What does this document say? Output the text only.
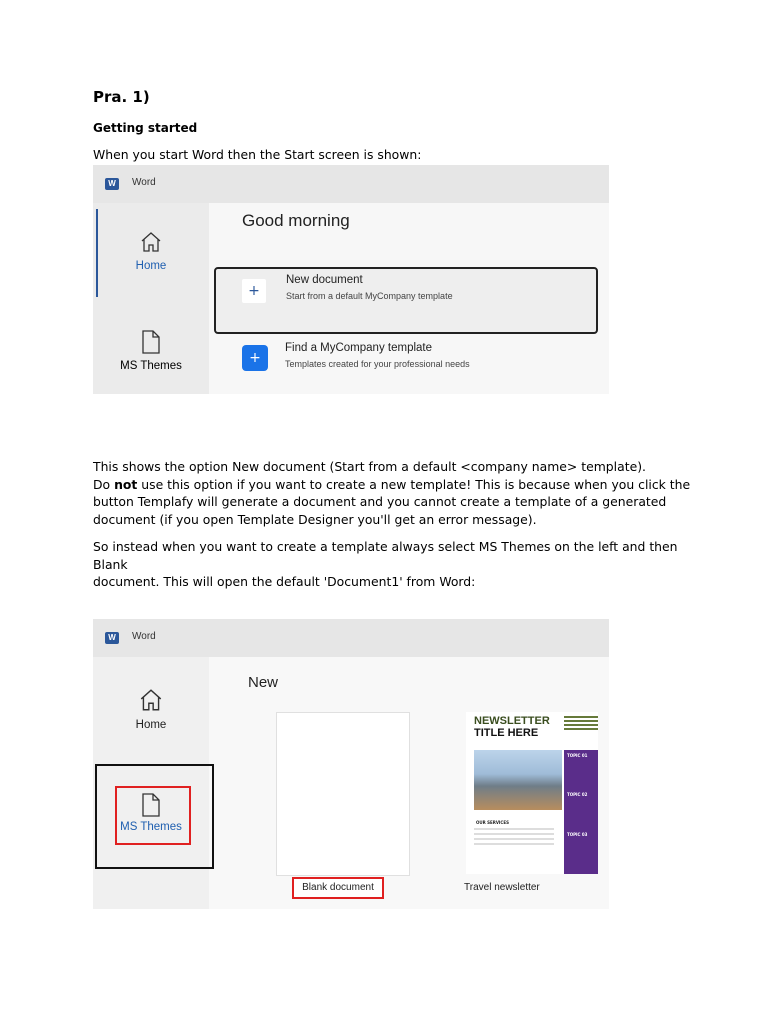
Pra. 1)
Getting started
When you start Word then the Start screen is shown:
W	Word
Home
MS Themes
Good morning
+
New document
Start from a default MyCompany template
+
Find a MyCompany template
Templates created for your professional needs
This shows the option New document (Start from a default <company name> template).
Do not use this option if you want to create a new template! This is because when you click the
button Templafy will generate a document and you cannot create a template of a generated
document (if you open Template Designer you'll get an error message).
So instead when you want to create a template always select MS Themes on the left and then Blank
document. This will open the default 'Document1' from Word:
W	Word
Home
MS Themes
New
Blank document
NEWSLETTER
TITLE HERE
TOPIC 01
TOPIC 02
TOPIC 03
OUR SERVICES
Travel newsletter
